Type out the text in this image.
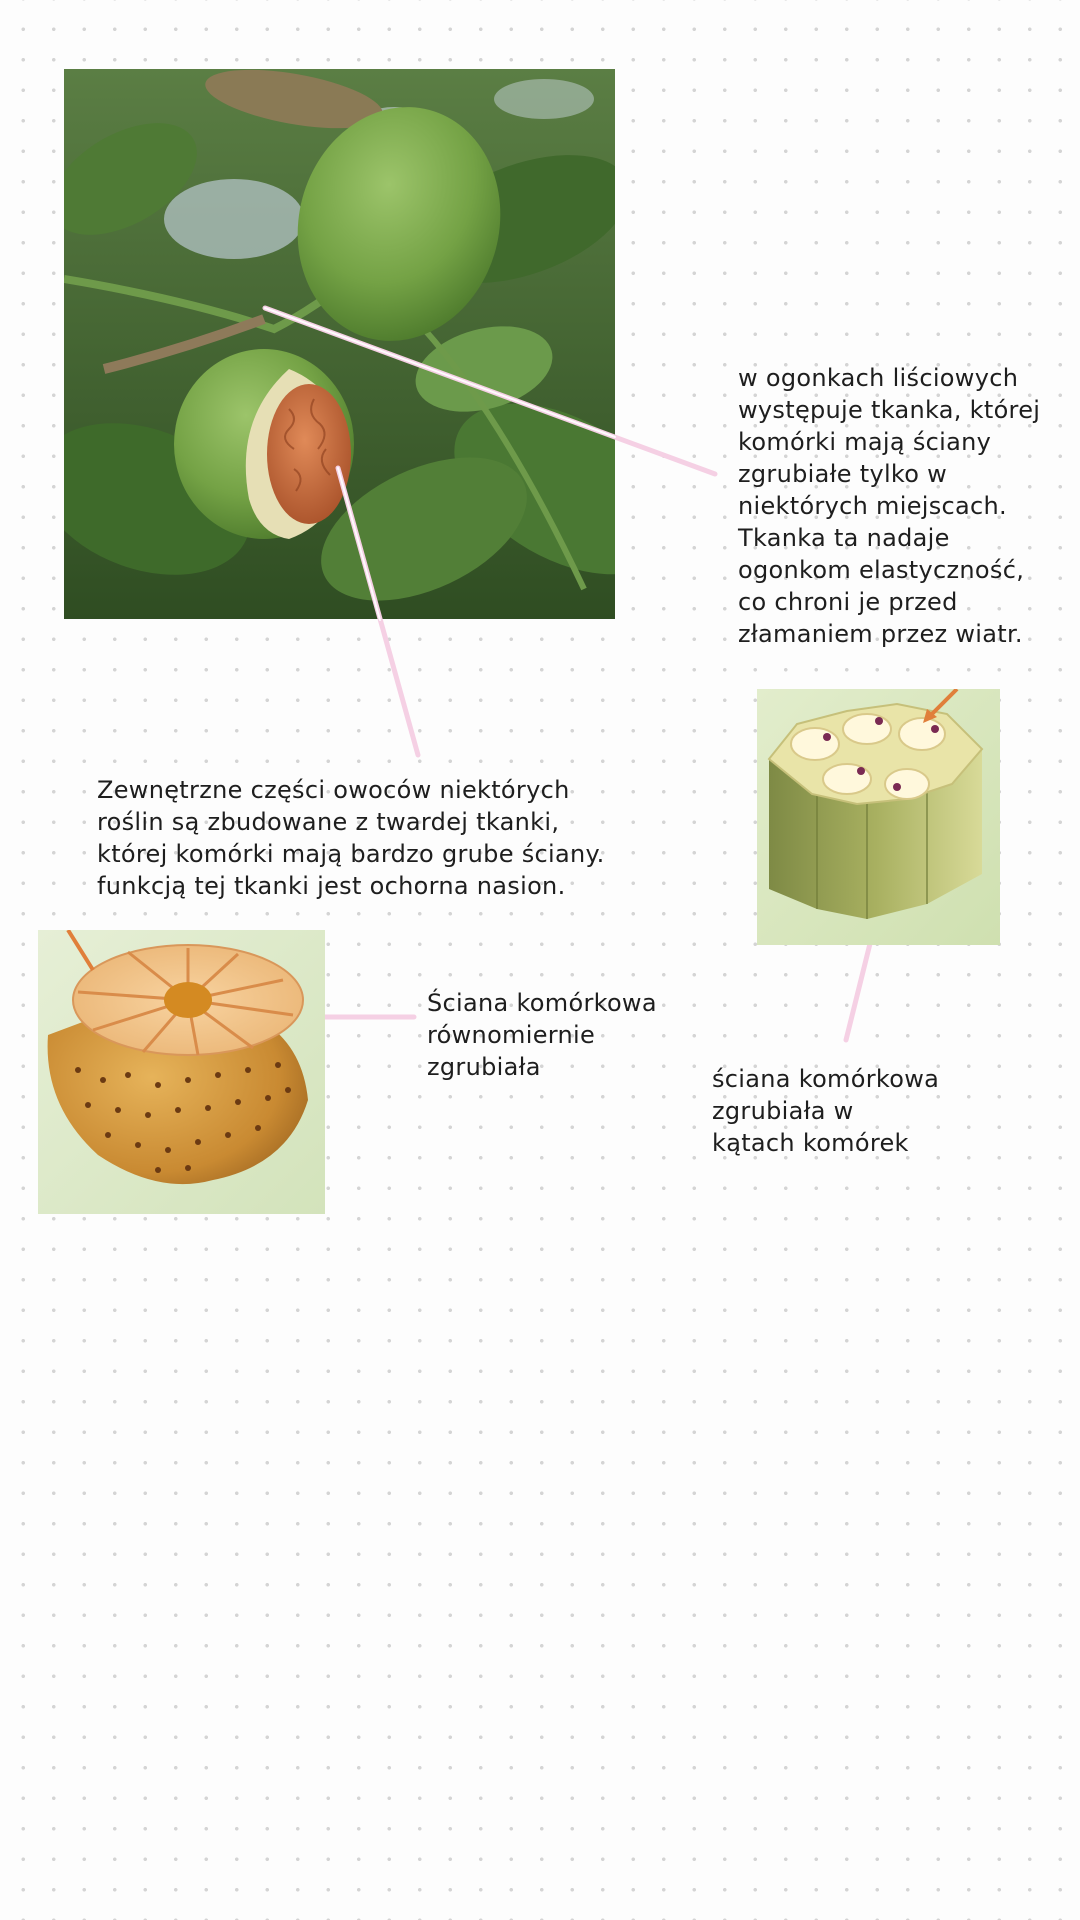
w ogonkach liściowych
występuje tkanka, której
komórki mają ściany
zgrubiałe tylko w
niektórych miejscach.
Tkanka ta nadaje
ogonkom elastyczność,
co chroni je przed
złamaniem przez wiatr.

Zewnętrzne części owoców niektórych
roślin są zbudowane z twardej tkanki,
której komórki mają bardzo grube ściany.
funkcją tej tkanki jest ochorna nasion.

Ściana komórkowa
równomiernie
zgrubiała	ściana komórkowa
zgrubiała w
kątach komórek
